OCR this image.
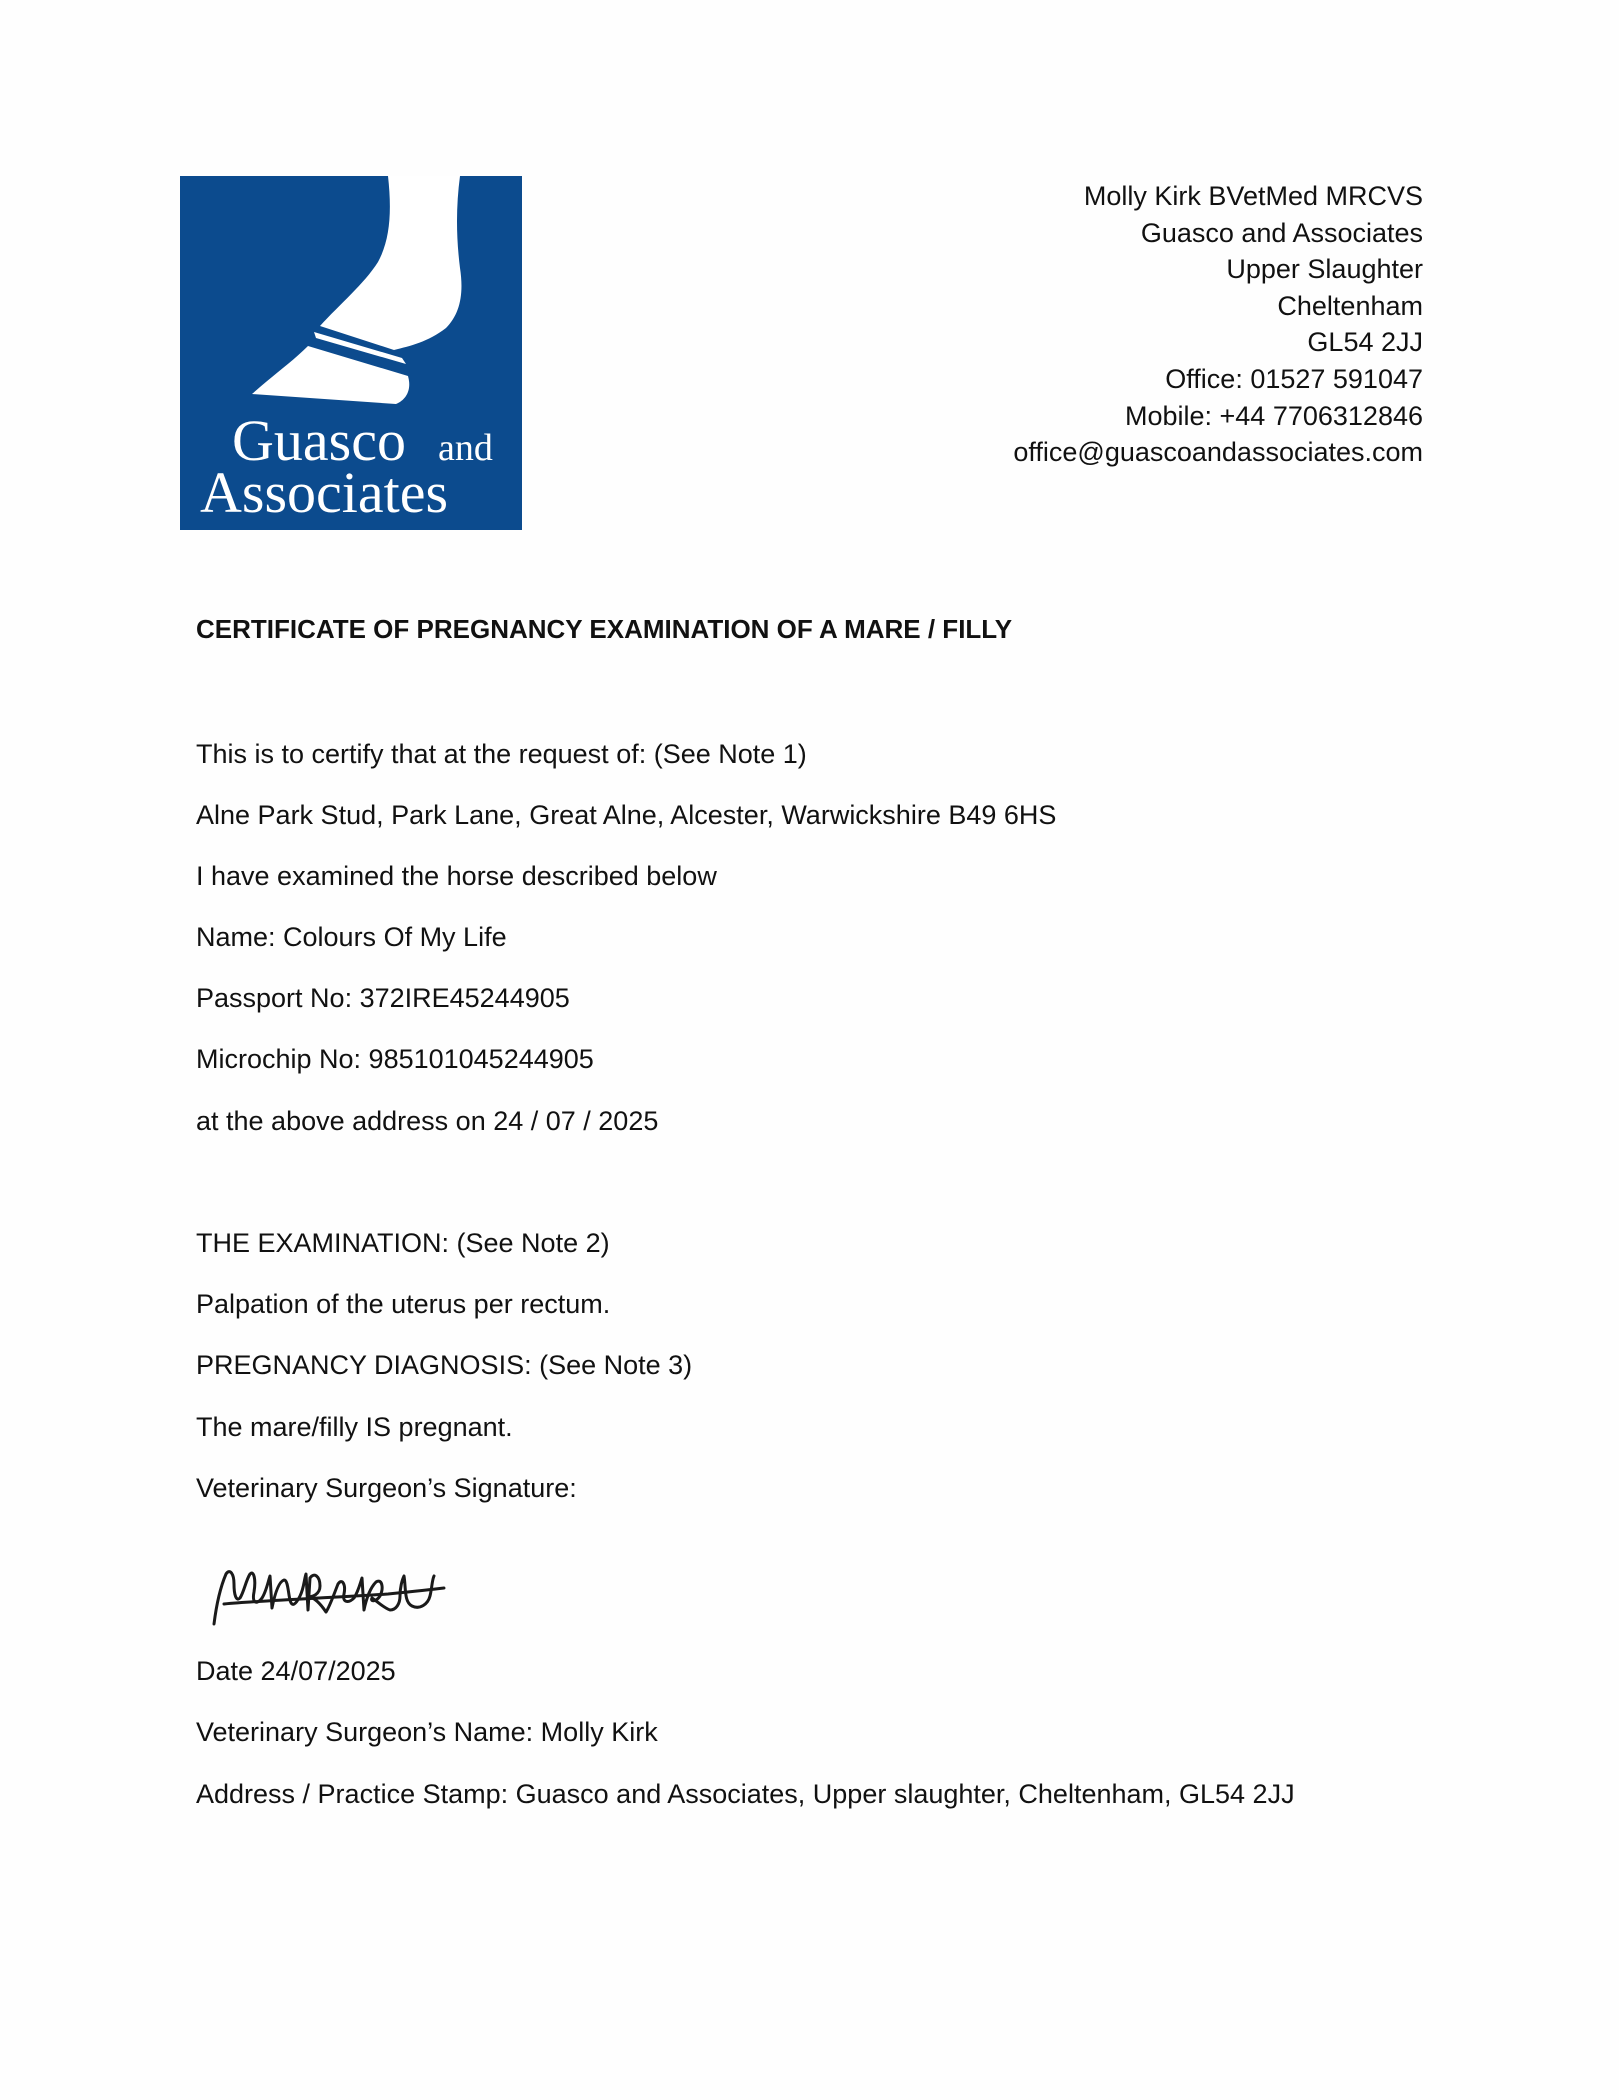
Guasco and
Associates
Molly Kirk BVetMed MRCVS
Guasco and Associates
Upper Slaughter
Cheltenham
GL54 2JJ
Office: 01527 591047
Mobile: +44 7706312846
office@guascoandassociates.com
CERTIFICATE OF PREGNANCY EXAMINATION OF A MARE / FILLY
This is to certify that at the request of: (See Note 1)
Alne Park Stud, Park Lane, Great Alne, Alcester, Warwickshire B49 6HS
I have examined the horse described below
Name: Colours Of My Life
Passport No: 372IRE45244905
Microchip No: 985101045244905
at the above address on 24 / 07 / 2025
THE EXAMINATION: (See Note 2)
Palpation of the uterus per rectum.
PREGNANCY DIAGNOSIS: (See Note 3)
The mare/filly IS pregnant.
Veterinary Surgeon’s Signature:
Date 24/07/2025
Veterinary Surgeon’s Name: Molly Kirk
Address / Practice Stamp: Guasco and Associates, Upper slaughter, Cheltenham, GL54 2JJ
